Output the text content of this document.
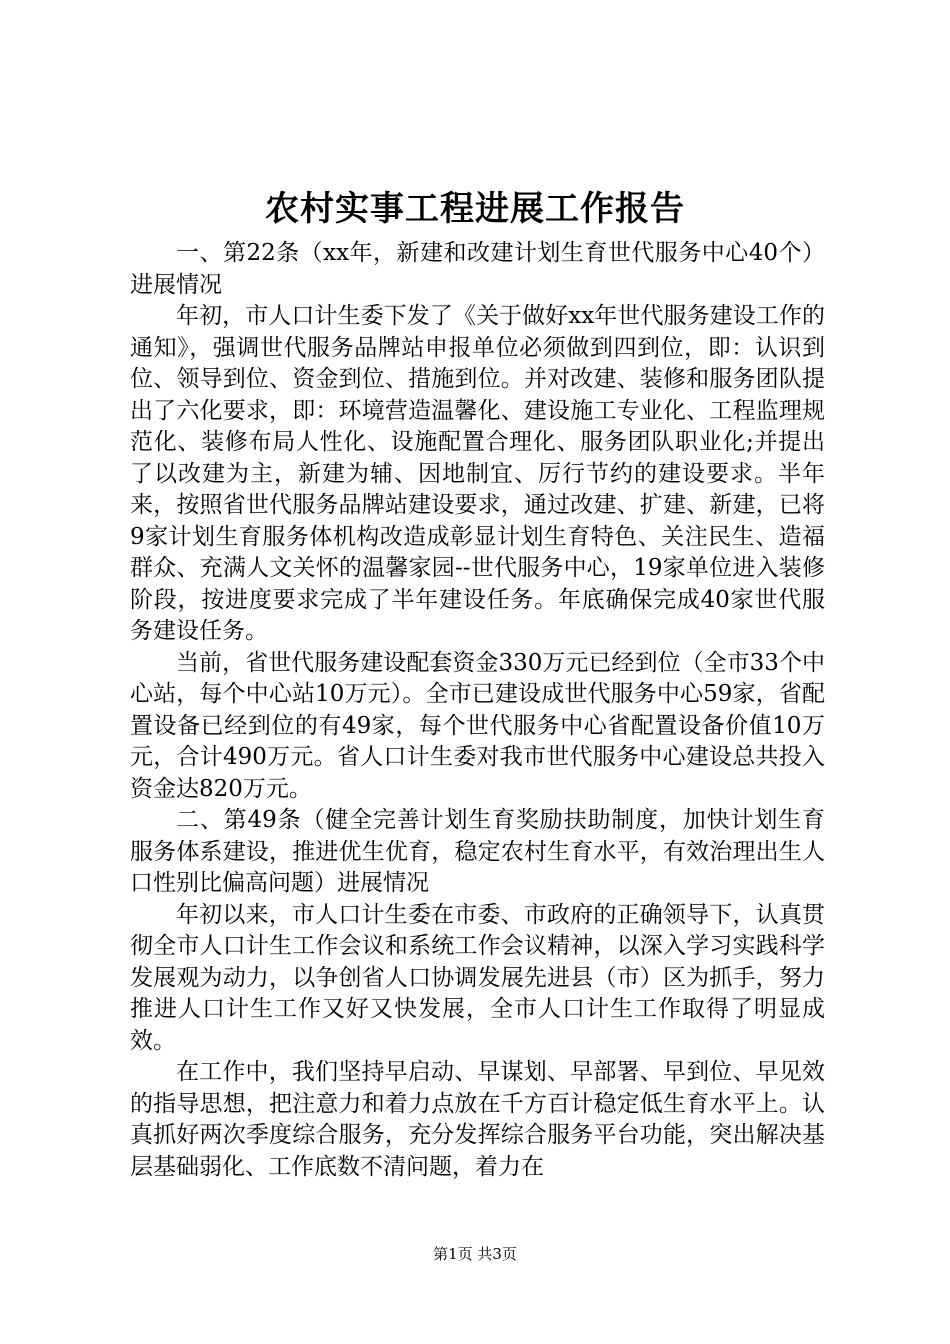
农村实事工程进展工作报告

一、第22条（xx年，新建和改建计划生育世代服务中心40个）进展情况

年初，市人口计生委下发了《关于做好xx年世代服务建设工作的通知》，强调世代服务品牌站申报单位必须做到四到位，即：认识到位、领导到位、资金到位、措施到位。并对改建、装修和服务团队提出了六化要求，即：环境营造温馨化、建设施工专业化、工程监理规范化、装修布局人性化、设施配置合理化、服务团队职业化;并提出了以改建为主，新建为辅、因地制宜、厉行节约的建设要求。半年来，按照省世代服务品牌站建设要求，通过改建、扩建、新建，已将9家计划生育服务体机构改造成彰显计划生育特色、关注民生、造福群众、充满人文关怀的温馨家园--世代服务中心，19家单位进入装修阶段，按进度要求完成了半年建设任务。年底确保完成40家世代服务建设任务。

当前，省世代服务建设配套资金330万元已经到位（全市33个中心站，每个中心站10万元）。全市已建设成世代服务中心59家，省配置设备已经到位的有49家，每个世代服务中心省配置设备价值10万元，合计490万元。省人口计生委对我市世代服务中心建设总共投入资金达820万元。

二、第49条（健全完善计划生育奖励扶助制度，加快计划生育服务体系建设，推进优生优育，稳定农村生育水平，有效治理出生人口性别比偏高问题）进展情况

年初以来，市人口计生委在市委、市政府的正确领导下，认真贯彻全市人口计生工作会议和系统工作会议精神，以深入学习实践科学发展观为动力，以争创省人口协调发展先进县（市）区为抓手，努力推进人口计生工作又好又快发展，全市人口计生工作取得了明显成效。

在工作中，我们坚持早启动、早谋划、早部署、早到位、早见效的指导思想，把注意力和着力点放在千方百计稳定低生育水平上。认真抓好两次季度综合服务，充分发挥综合服务平台功能，突出解决基层基础弱化、工作底数不清问题，着力在

第1页 共3页
